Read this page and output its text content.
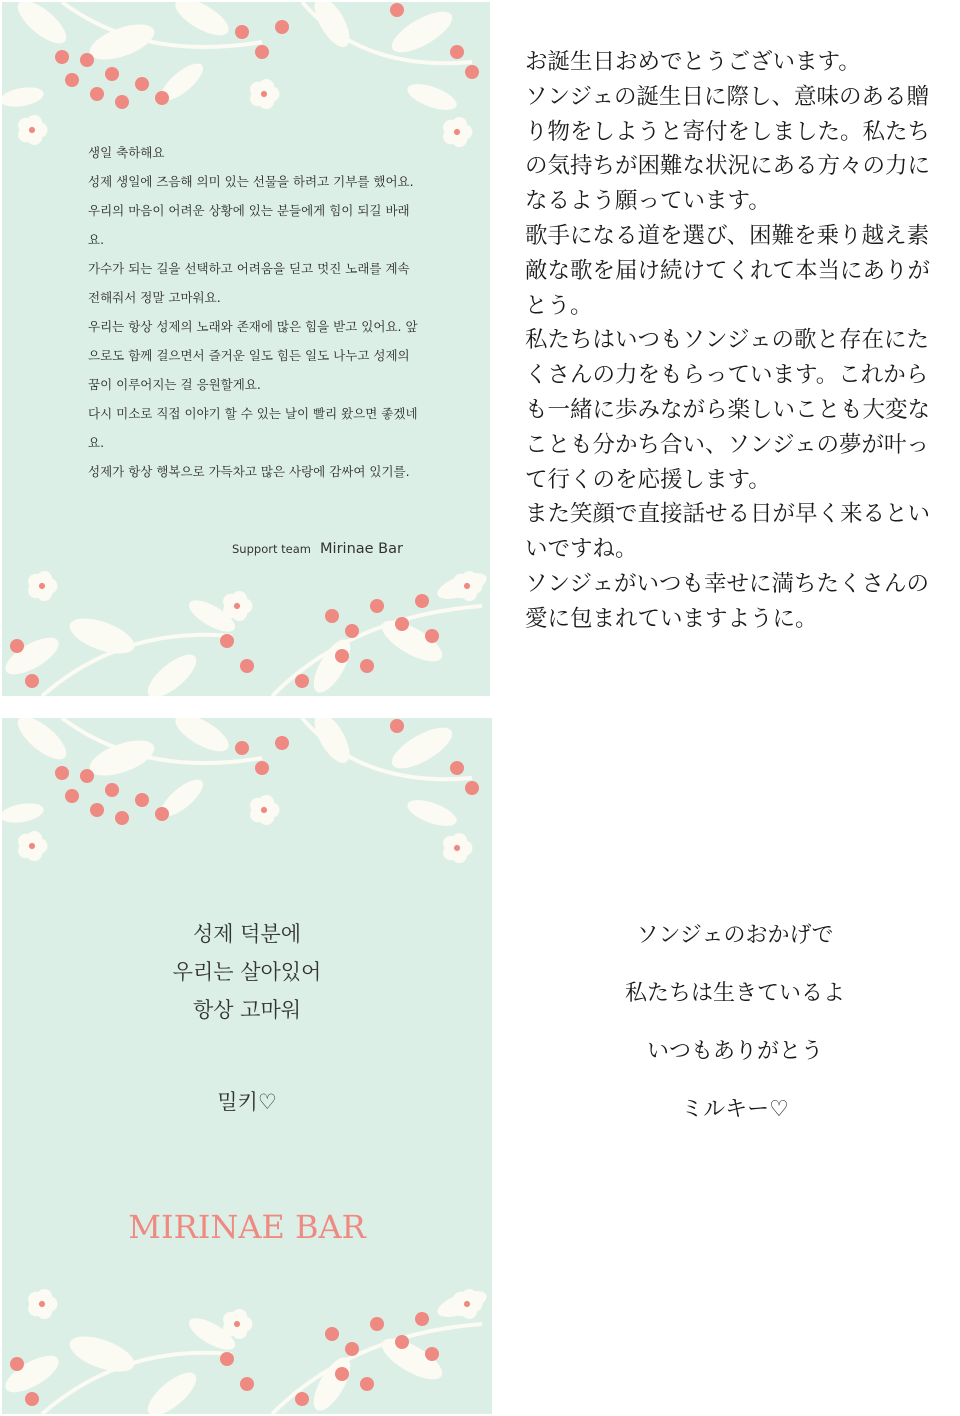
생일 축하해요

성제 생일에 즈음해 의미 있는 선물을 하려고 기부를 했어요. 우리의 마음이 어려운 상황에 있는 분들에게 힘이 되길 바래요.

가수가 되는 길을 선택하고 어려움을 딛고 멋진 노래를 계속 전해줘서 정말 고마워요.

우리는 항상 성제의 노래와 존재에 많은 힘을 받고 있어요. 앞으로도 함께 걸으면서 즐거운 일도 힘든 일도 나누고 성제의 꿈이 이루어지는 걸 응원할게요.

다시 미소로 직접 이야기 할 수 있는 날이 빨리 왔으면 좋겠네요.

성제가 항상 행복으로 가득차고 많은 사랑에 감싸여 있기를.

Support team Mirinae Bar

お誕生日おめでとうございます。

ソンジェの誕生日に際し、意味のある贈り物をしようと寄付をしました。私たちの気持ちが困難な状況にある方々の力になるよう願っています。

歌手になる道を選び、困難を乗り越え素敵な歌を届け続けてくれて本当にありがとう。

私たちはいつもソンジェの歌と存在にたくさんの力をもらっています。これからも一緒に歩みながら楽しいことも大変なことも分かち合い、ソンジェの夢が叶って行くのを応援します。

また笑顔で直接話せる日が早く来るといいですね。

ソンジェがいつも幸せに満ちたくさんの愛に包まれていますように。

성제 덕분에
우리는 살아있어
항상 고마워
밀키♡
MIRINAE BAR
ソンジェのおかげで
私たちは生きているよ
いつもありがとう
ミルキー♡
